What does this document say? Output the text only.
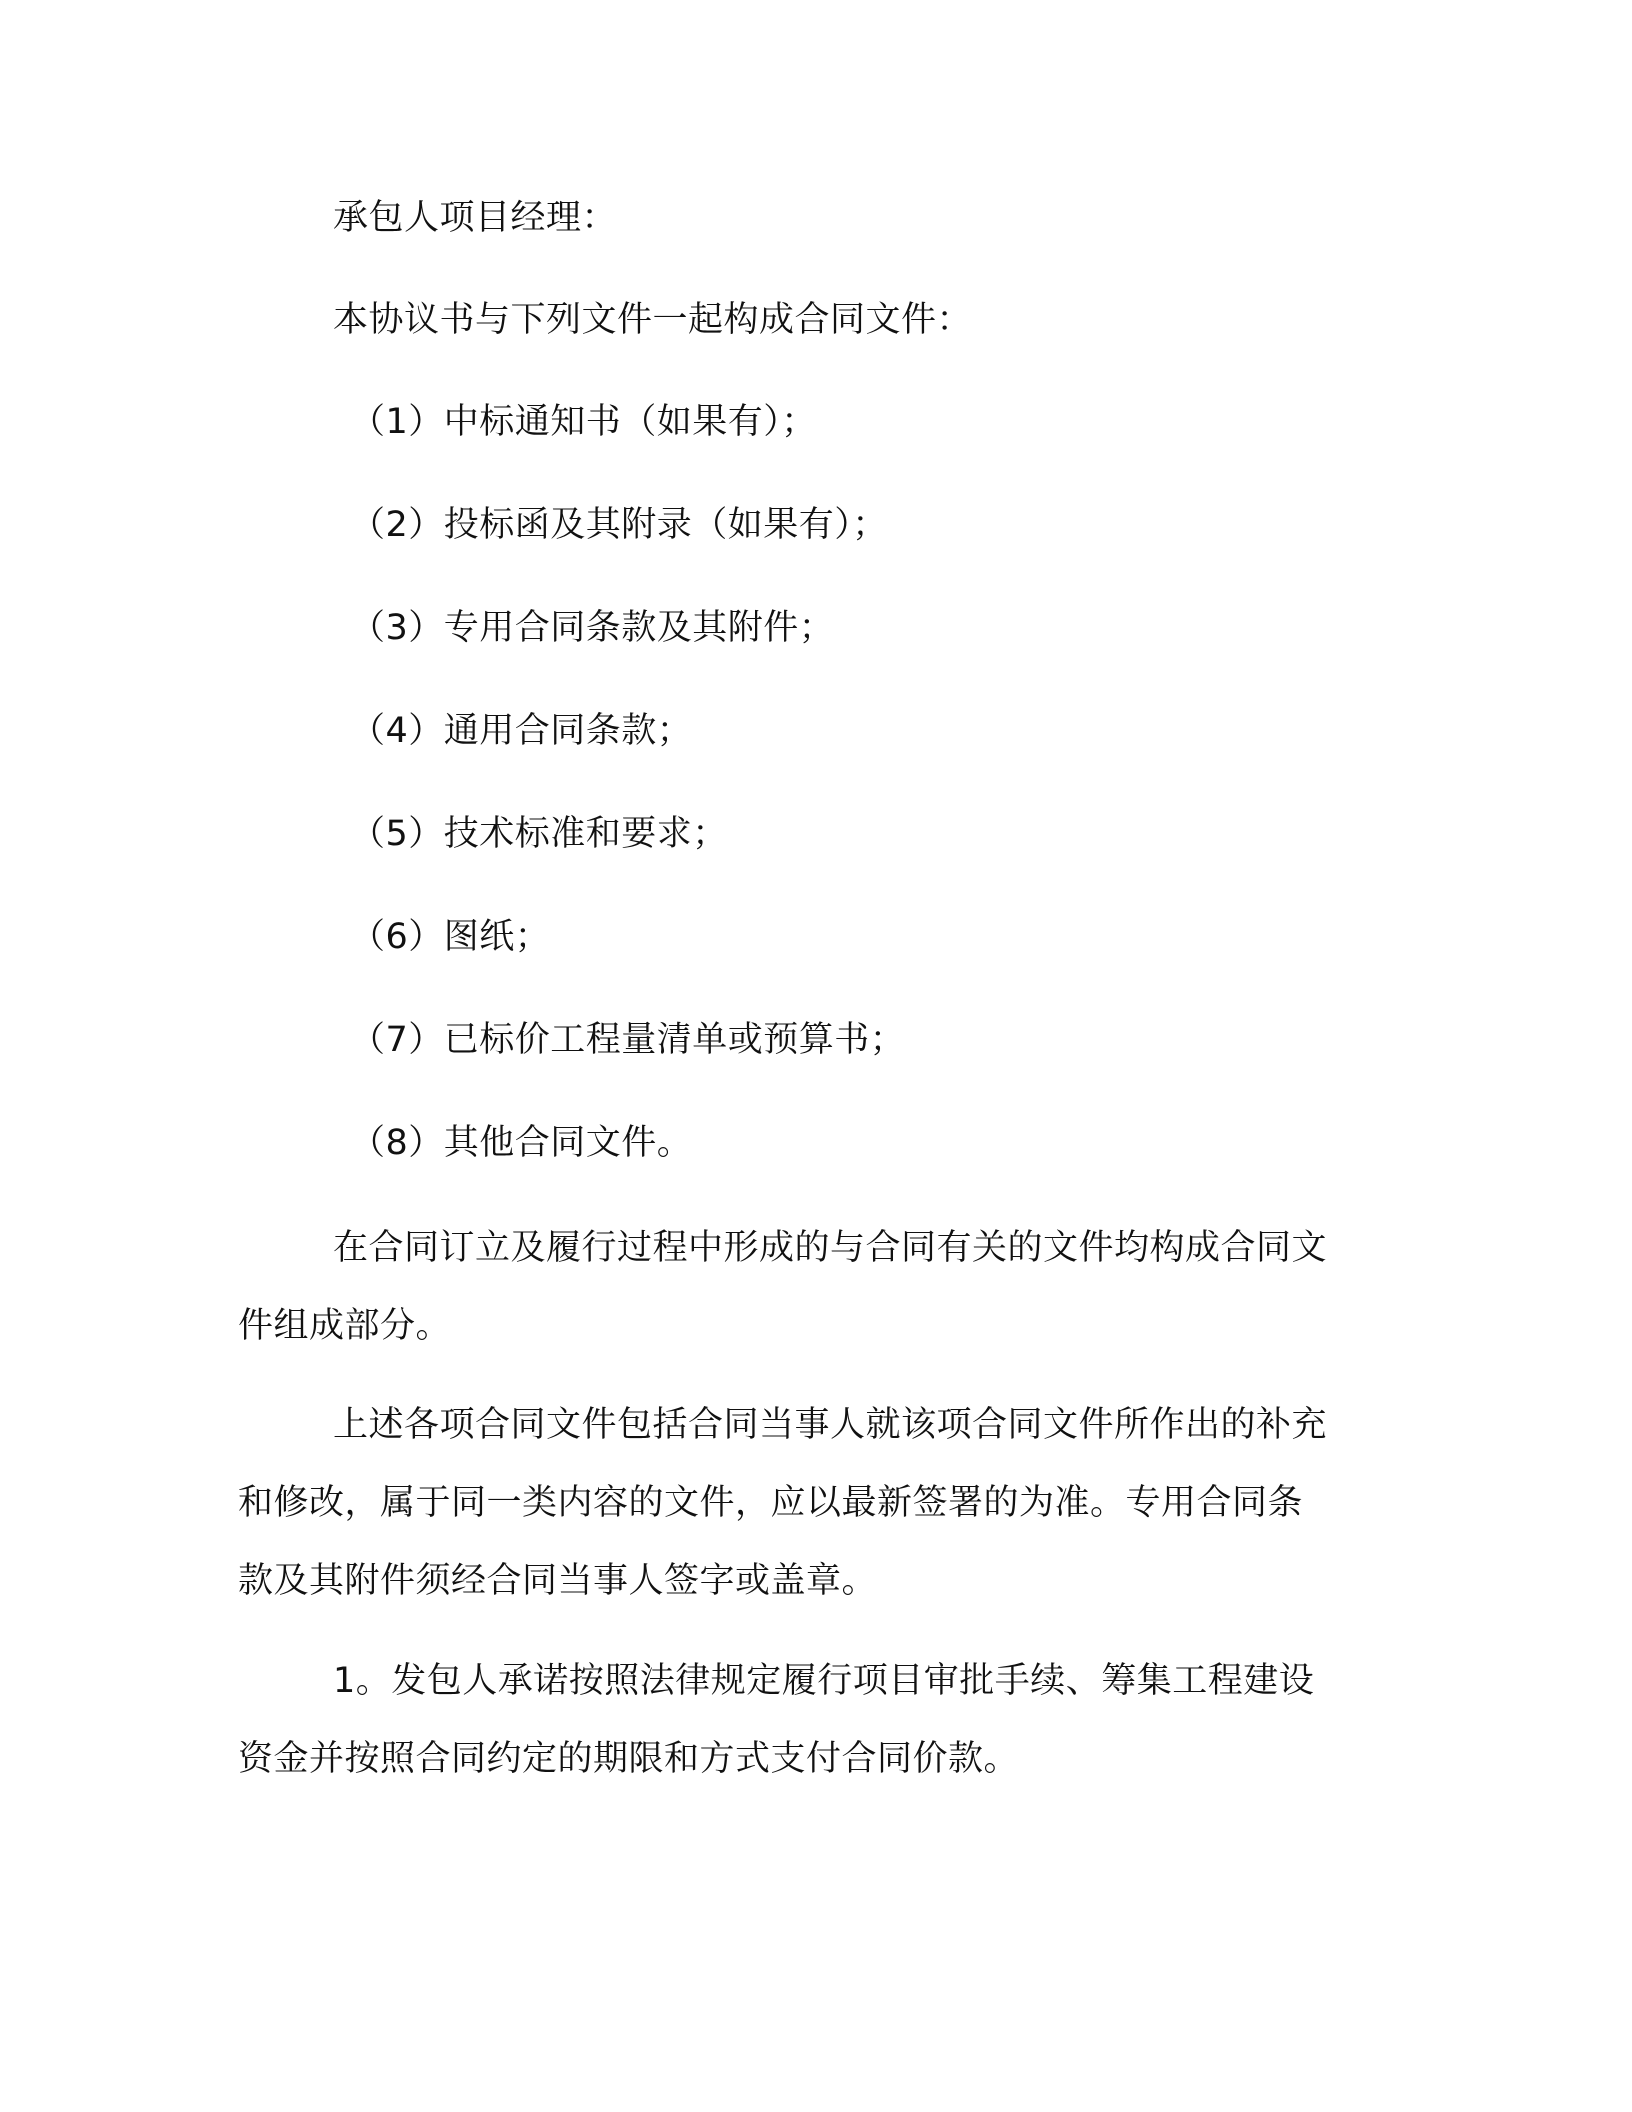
承包人项目经理：
本协议书与下列文件一起构成合同文件：
（1）中标通知书（如果有）；
（2）投标函及其附录（如果有）；
（3）专用合同条款及其附件；
（4）通用合同条款；
（5）技术标准和要求；
（6）图纸；
（7）已标价工程量清单或预算书；
（8）其他合同文件。
在合同订立及履行过程中形成的与合同有关的文件均构成合同文
件组成部分。
上述各项合同文件包括合同当事人就该项合同文件所作出的补充
和修改，属于同一类内容的文件，应以最新签署的为准。专用合同条
款及其附件须经合同当事人签字或盖章。
1。发包人承诺按照法律规定履行项目审批手续、筹集工程建设
资金并按照合同约定的期限和方式支付合同价款。
